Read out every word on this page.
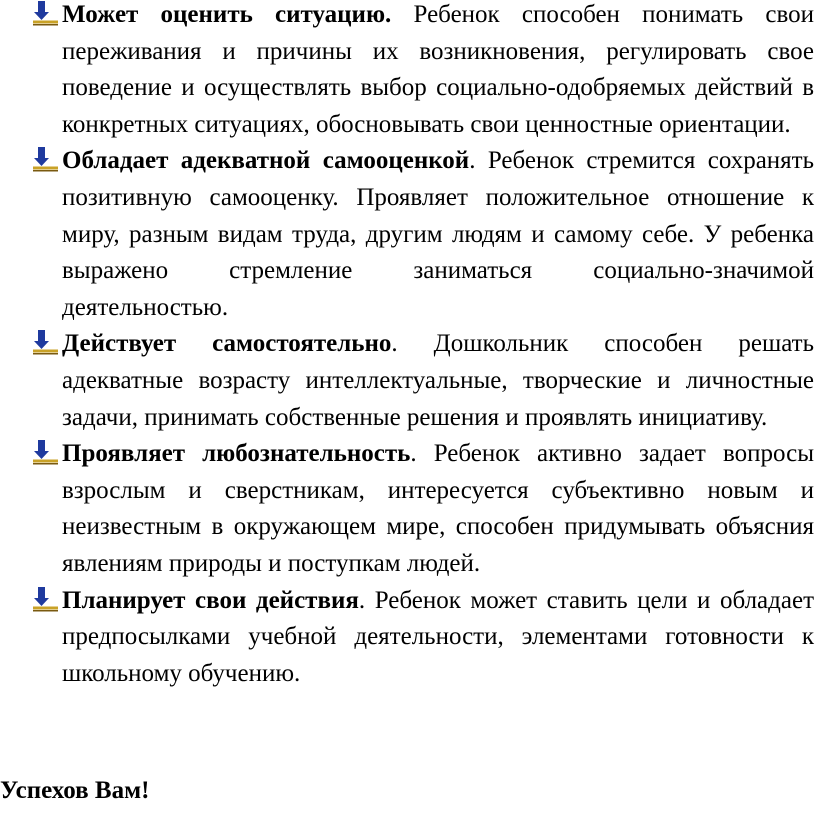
Может оценить ситуацию. Ребенок способен понимать свои переживания и причины их возникновения, регулировать свое поведение и осуществлять выбор социально-одобряемых действий в конкретных ситуациях, обосновывать свои ценностные ориентации.
Обладает адекватной самооценкой. Ребенок стремится сохранять позитивную самооценку. Проявляет положительное отношение к миру, разным видам труда, другим людям и самому себе. У ребенка выражено стремление заниматься социально-значимой деятельностью.
Действует самостоятельно. Дошкольник способен решать адекватные возрасту интеллектуальные, творческие и личностные задачи, принимать собственные решения и проявлять инициативу.
Проявляет любознательность. Ребенок активно задает вопросы взрослым и сверстникам, интересуется субъективно новым и неизвестным в окружающем мире, способен придумывать объясния явлениям природы и поступкам людей.
Планирует свои действия. Ребенок может ставить цели и обладает предпосылками учебной деятельности, элементами готовности к школьному обучению.

Успехов Вам!
